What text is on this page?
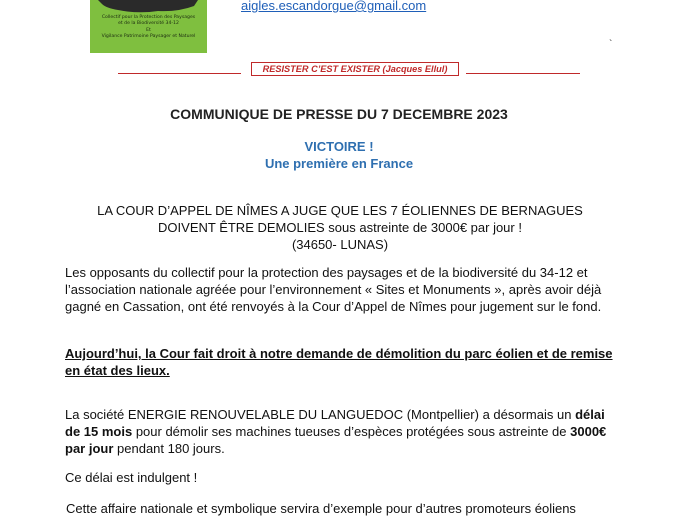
Collectif pour la Protection des Paysages
et de la Biodiversité 34-12
Et
Vigilance Patrimoine Paysager et Naturel
aigles.escandorgue@gmail.com
`
RESISTER C’EST EXISTER (Jacques Ellul)
COMMUNIQUE DE PRESSE DU 7 DECEMBRE 2023
VICTOIRE !
Une première en France
LA COUR D’APPEL DE NÎMES A JUGE QUE LES 7 ÉOLIENNES DE BERNAGUES
DOIVENT ÊTRE DEMOLIES sous astreinte de 3000€ par jour !
(34650- LUNAS)
Les opposants du collectif pour la protection des paysages et de la biodiversité du 34-12 et l’association nationale agréée pour l’environnement « Sites et Monuments », après avoir déjà gagné en Cassation, ont été renvoyés à la Cour d’Appel de Nîmes pour jugement sur le fond.
Aujourd’hui, la Cour fait droit à notre demande de démolition du parc éolien et de remise en état des lieux.
La société ENERGIE RENOUVELABLE DU LANGUEDOC (Montpellier) a désormais un délai de 15 mois pour démolir ses machines tueuses d’espèces protégées sous astreinte de 3000€ par jour pendant 180 jours.
Ce délai est indulgent !
Cette affaire nationale et symbolique servira d’exemple pour d’autres promoteurs éoliens
